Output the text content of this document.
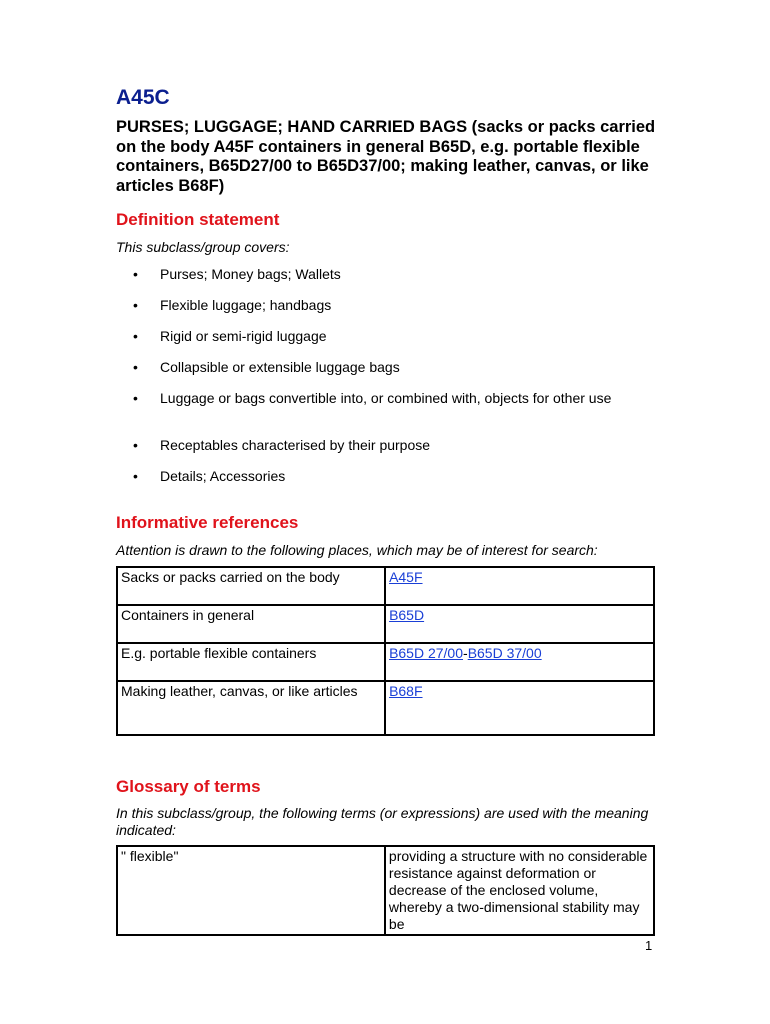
A45C
PURSES; LUGGAGE; HAND CARRIED BAGS (sacks or packs carried on the body A45F containers in general B65D, e.g. portable flexible containers, B65D27/00 to B65D37/00; making leather, canvas, or like articles B68F)
Definition statement
This subclass/group covers:
• Purses; Money bags; Wallets
• Flexible luggage; handbags
• Rigid or semi-rigid luggage
• Collapsible or extensible luggage bags
• Luggage or bags convertible into, or combined with, objects for other use
• Receptables characterised by their purpose
• Details; Accessories
Informative references
Attention is drawn to the following places, which may be of interest for search:
Sacks or packs carried on the body	A45F
Containers in general	B65D
E.g. portable flexible containers	B65D 27/00-B65D 37/00
Making leather, canvas, or like articles	B68F
Glossary of terms
In this subclass/group, the following terms (or expressions) are used with the meaning indicated:
" flexible"	providing a structure with no considerable resistance against deformation or decrease of the enclosed volume, whereby a two-dimensional stability may be
1
